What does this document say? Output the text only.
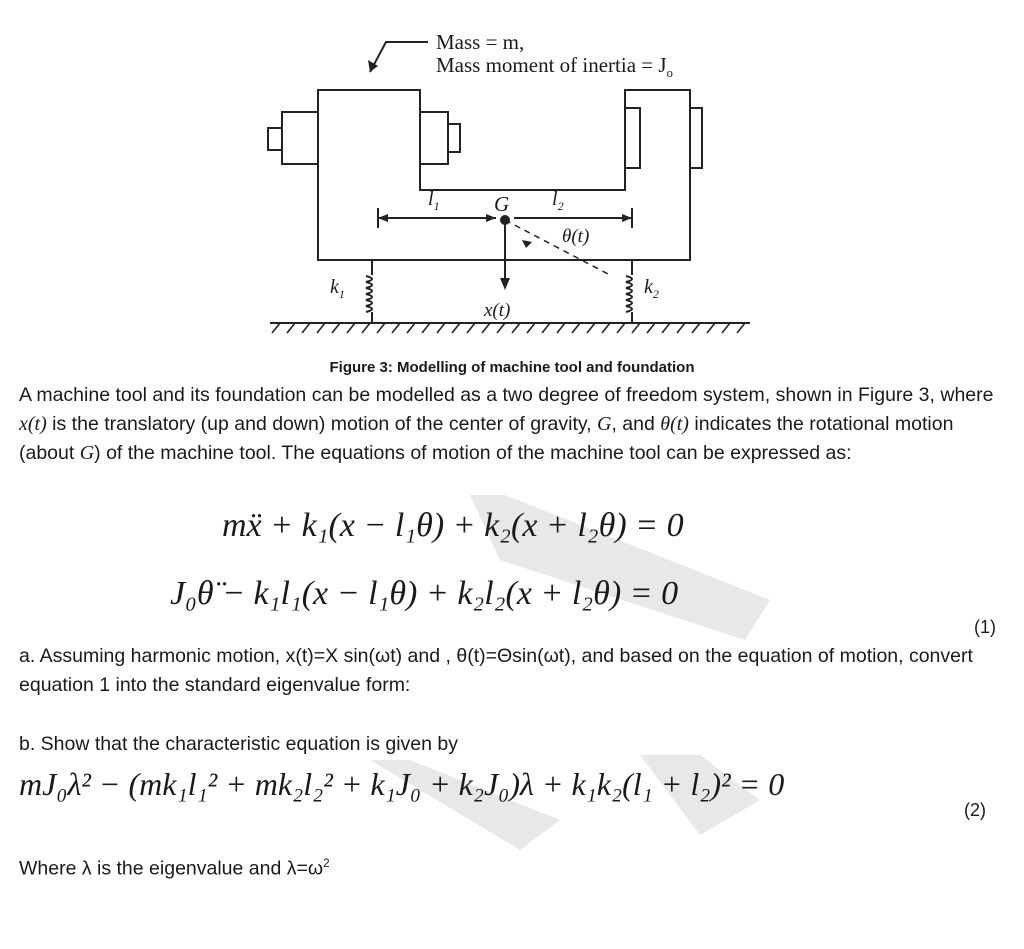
Mass = m,
Mass moment of inertia = $J_o$
$l_1$	G $l_2$
θ(t)
$k_1$	$k_2$
x(t)
Figure 3: Modelling of machine tool and foundation
A machine tool and its foundation can be modelled as a two degree of freedom system, shown in Figure 3, where x(t) is the translatory (up and down) motion of the center of gravity, G, and θ(t) indicates the rotational motion (about G) of the machine tool. The equations of motion of the machine tool can be expressed as:
mẍ + k₁(x − l₁θ) + k₂(x + l₂θ) = 0
J₀θ̈ − k₁l₁(x − l₁θ) + k₂l₂(x + l₂θ) = 0
(1)
a. Assuming harmonic motion, x(t)=X sin(ωt) and , θ(t)=Θsin(ωt), and based on the equation of motion, convert equation 1 into the standard eigenvalue form:
b. Show that the characteristic equation is given by
mJ₀λ² − (mk₁l₁² + mk₂l₂² + k₁J₀ + k₂J₀)λ + k₁k₂(l₁ + l₂)² = 0
(2)
Where λ is the eigenvalue and $\lambda=\omega^2$
